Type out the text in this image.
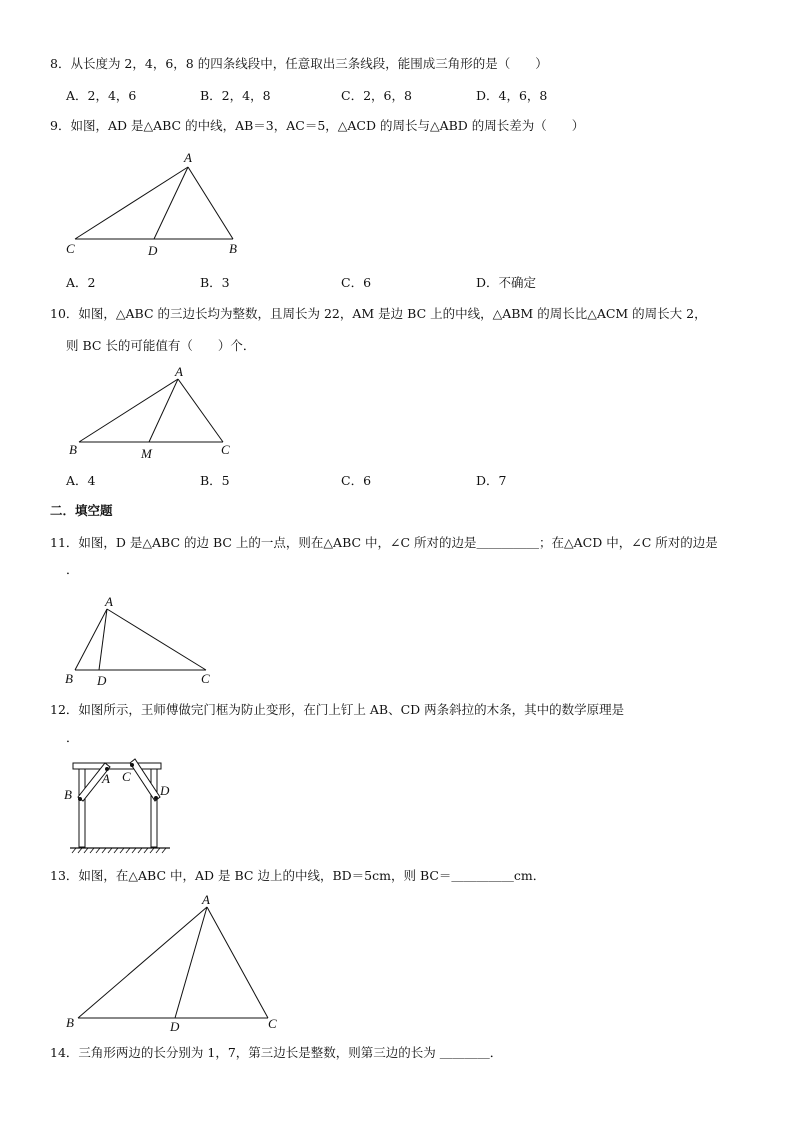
8．从长度为 2，4，6，8 的四条线段中，任意取出三条线段，能围成三角形的是（　　）
A．2，4，6	B．2，4，8	C．2，6，8	D．4，6，8
9．如图，AD 是△ABC 的中线，AB＝3，AC＝5，△ACD 的周长与△ABD 的周长差为（　　）
A
C	D	B
A．2	B．3	C．6	D．不确定
10．如图，△ABC 的三边长均为整数，且周长为 22，AM 是边 BC 上的中线，△ABM 的周长比△ACM 的周长大 2，
则 BC 长的可能值有（　　）个．
A
B	M	C
A．4	B．5	C．6	D．7
二．填空题
11．如图，D 是△ABC 的边 BC 上的一点，则在△ABC 中，∠C 所对的边是＿＿＿＿＿；在△ACD 中，∠C 所对的边是
．
A
B D	C
12．如图所示，王师傅做完门框为防止变形，在门上钉上 AB、CD 两条斜拉的木条，其中的数学原理是
．
A C
B	D
13．如图，在△ABC 中，AD 是 BC 边上的中线，BD＝5cm，则 BC＝＿＿＿＿＿cm．
A
B	D	C
14．三角形两边的长分别为 1，7，第三边长是整数，则第三边的长为 ＿＿＿＿．
